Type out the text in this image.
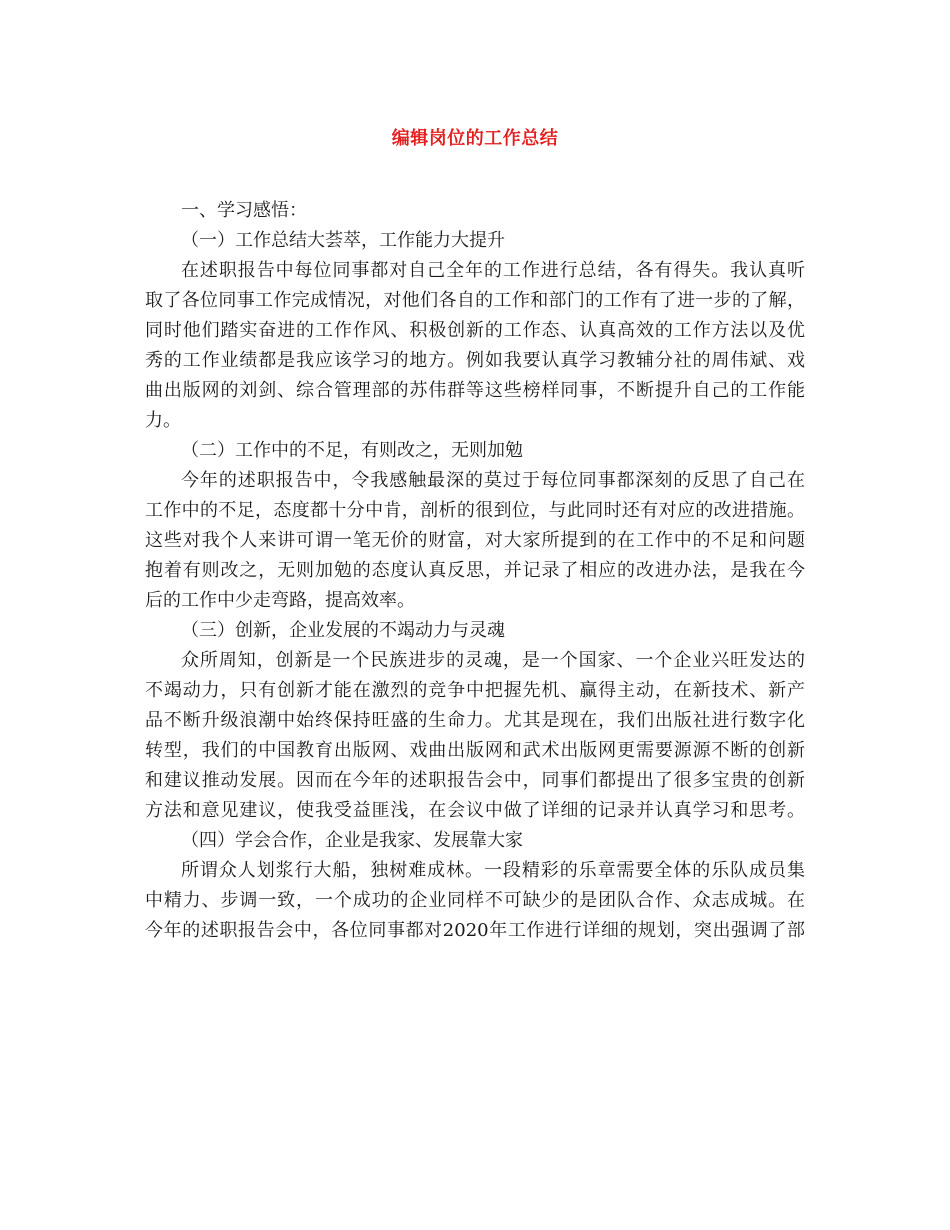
编辑岗位的工作总结
一、学习感悟：
（一）工作总结大荟萃，工作能力大提升
在述职报告中每位同事都对自己全年的工作进行总结，各有得失。我认真听
取了各位同事工作完成情况，对他们各自的工作和部门的工作有了进一步的了解，
同时他们踏实奋进的工作作风、积极创新的工作态、认真高效的工作方法以及优
秀的工作业绩都是我应该学习的地方。例如我要认真学习教辅分社的周伟斌、戏
曲出版网的刘剑、综合管理部的苏伟群等这些榜样同事，不断提升自己的工作能
力。
（二）工作中的不足，有则改之，无则加勉
今年的述职报告中，令我感触最深的莫过于每位同事都深刻的反思了自己在
工作中的不足，态度都十分中肯，剖析的很到位，与此同时还有对应的改进措施。
这些对我个人来讲可谓一笔无价的财富，对大家所提到的在工作中的不足和问题
抱着有则改之，无则加勉的态度认真反思，并记录了相应的改进办法，是我在今
后的工作中少走弯路，提高效率。
（三）创新，企业发展的不竭动力与灵魂
众所周知，创新是一个民族进步的灵魂，是一个国家、一个企业兴旺发达的
不竭动力，只有创新才能在激烈的竞争中把握先机、赢得主动，在新技术、新产
品不断升级浪潮中始终保持旺盛的生命力。尤其是现在，我们出版社进行数字化
转型，我们的中国教育出版网、戏曲出版网和武术出版网更需要源源不断的创新
和建议推动发展。因而在今年的述职报告会中，同事们都提出了很多宝贵的创新
方法和意见建议，使我受益匪浅，在会议中做了详细的记录并认真学习和思考。
（四）学会合作，企业是我家、发展靠大家
所谓众人划浆行大船，独树难成林。一段精彩的乐章需要全体的乐队成员集
中精力、步调一致，一个成功的企业同样不可缺少的是团队合作、众志成城。在
今年的述职报告会中，各位同事都对2020年工作进行详细的规划，突出强调了部
